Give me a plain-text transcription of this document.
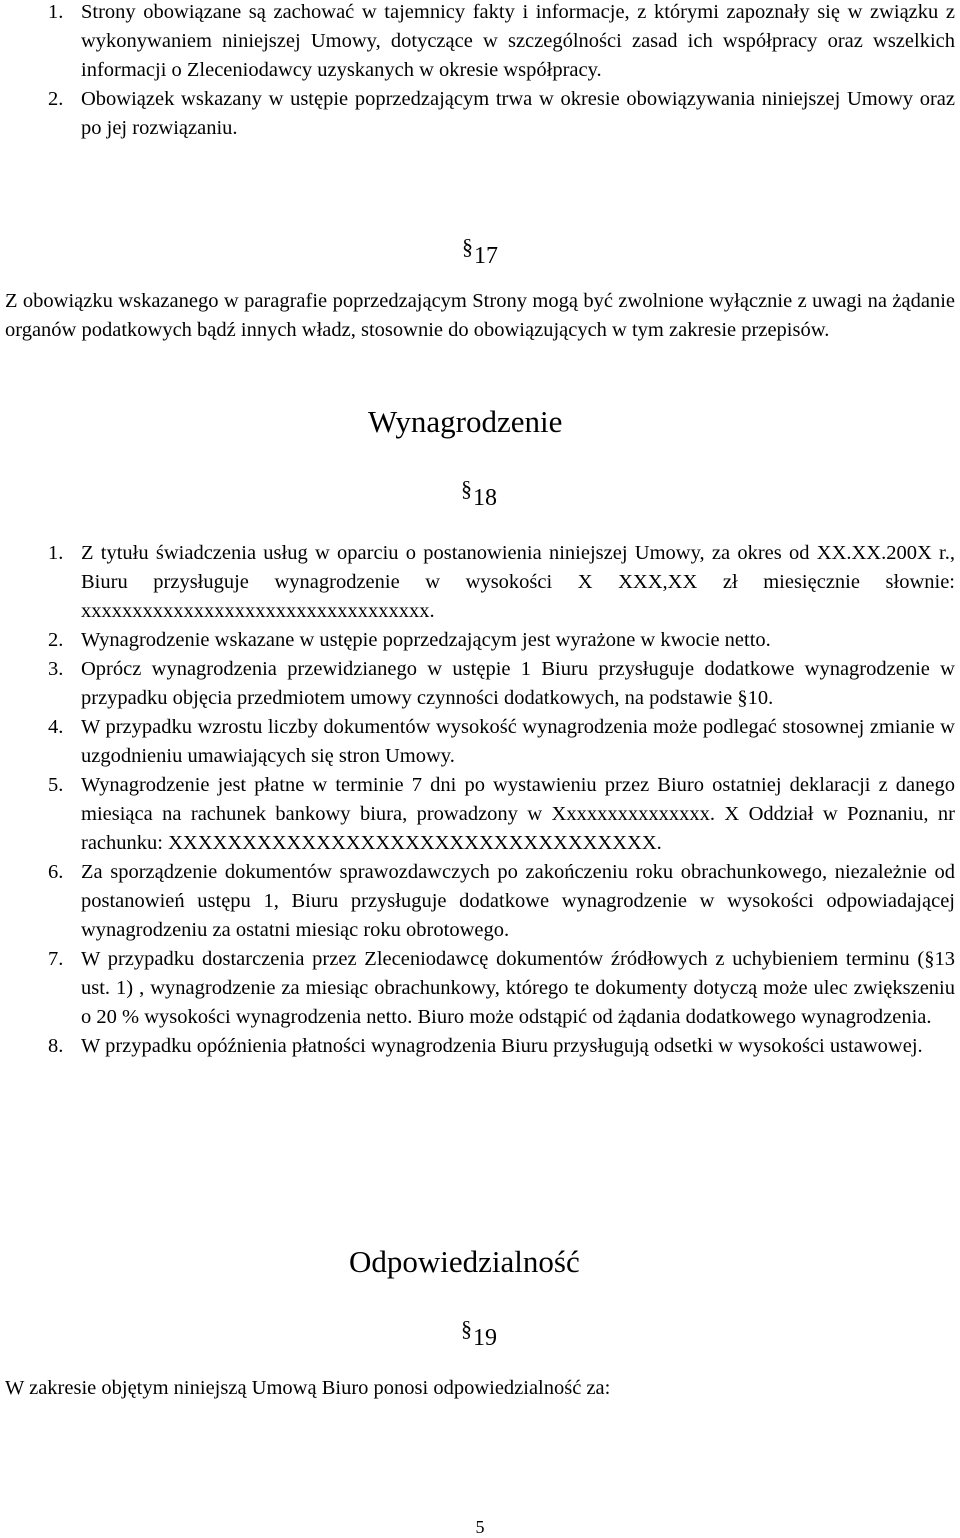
1. Strony obowiązane są zachować w tajemnicy fakty i informacje, z którymi zapoznały się w związku z wykonywaniem niniejszej Umowy, dotyczące w szczególności zasad ich współpracy oraz wszelkich informacji o Zleceniodawcy uzyskanych w okresie współpracy.
2. Obowiązek wskazany w ustępie poprzedzającym trwa w okresie obowiązywania niniejszej Umowy oraz po jej rozwiązaniu.
§17

Z obowiązku wskazanego w paragrafie poprzedzającym Strony mogą być zwolnione wyłącznie z uwagi na żądanie organów podatkowych bądź innych władz, stosownie do obowiązujących w tym zakresie przepisów.

Wynagrodzenie
§18
1. Z tytułu świadczenia usług w oparciu o postanowienia niniejszej Umowy, za okres od XX.XX.200X r., Biuru przysługuje wynagrodzenie w wysokości X XXX,XX zł miesięcznie słownie: xxxxxxxxxxxxxxxxxxxxxxxxxxxxxxxxxx.
2. Wynagrodzenie wskazane w ustępie poprzedzającym jest wyrażone w kwocie netto.
3. Oprócz wynagrodzenia przewidzianego w ustępie 1 Biuru przysługuje dodatkowe wynagrodzenie w przypadku objęcia przedmiotem umowy czynności dodatkowych, na podstawie §10.
4. W przypadku wzrostu liczby dokumentów wysokość wynagrodzenia może podlegać stosownej zmianie w uzgodnieniu umawiających się stron Umowy.
5. Wynagrodzenie jest płatne w terminie 7 dni po wystawieniu przez Biuro ostatniej deklaracji z danego miesiąca na rachunek bankowy biura, prowadzony w Xxxxxxxxxxxxxxx. X Oddział w Poznaniu, nr rachunku: XXXXXXXXXXXXXXXXXXXXXXXXXXXXXXXXX.
6. Za sporządzenie dokumentów sprawozdawczych po zakończeniu roku obrachunkowego, niezależnie od postanowień ustępu 1, Biuru przysługuje dodatkowe wynagrodzenie w wysokości odpowiadającej wynagrodzeniu za ostatni miesiąc roku obrotowego.
7. W przypadku dostarczenia przez Zleceniodawcę dokumentów źródłowych z uchybieniem terminu (§13 ust. 1) , wynagrodzenie za miesiąc obrachunkowy, którego te dokumenty dotyczą może ulec zwiększeniu o 20 % wysokości wynagrodzenia netto. Biuro może odstąpić od żądania dodatkowego wynagrodzenia.
8. W przypadku opóźnienia płatności wynagrodzenia Biuru przysługują odsetki w wysokości ustawowej.
Odpowiedzialność
§19

W zakresie objętym niniejszą Umową Biuro ponosi odpowiedzialność za:

5
